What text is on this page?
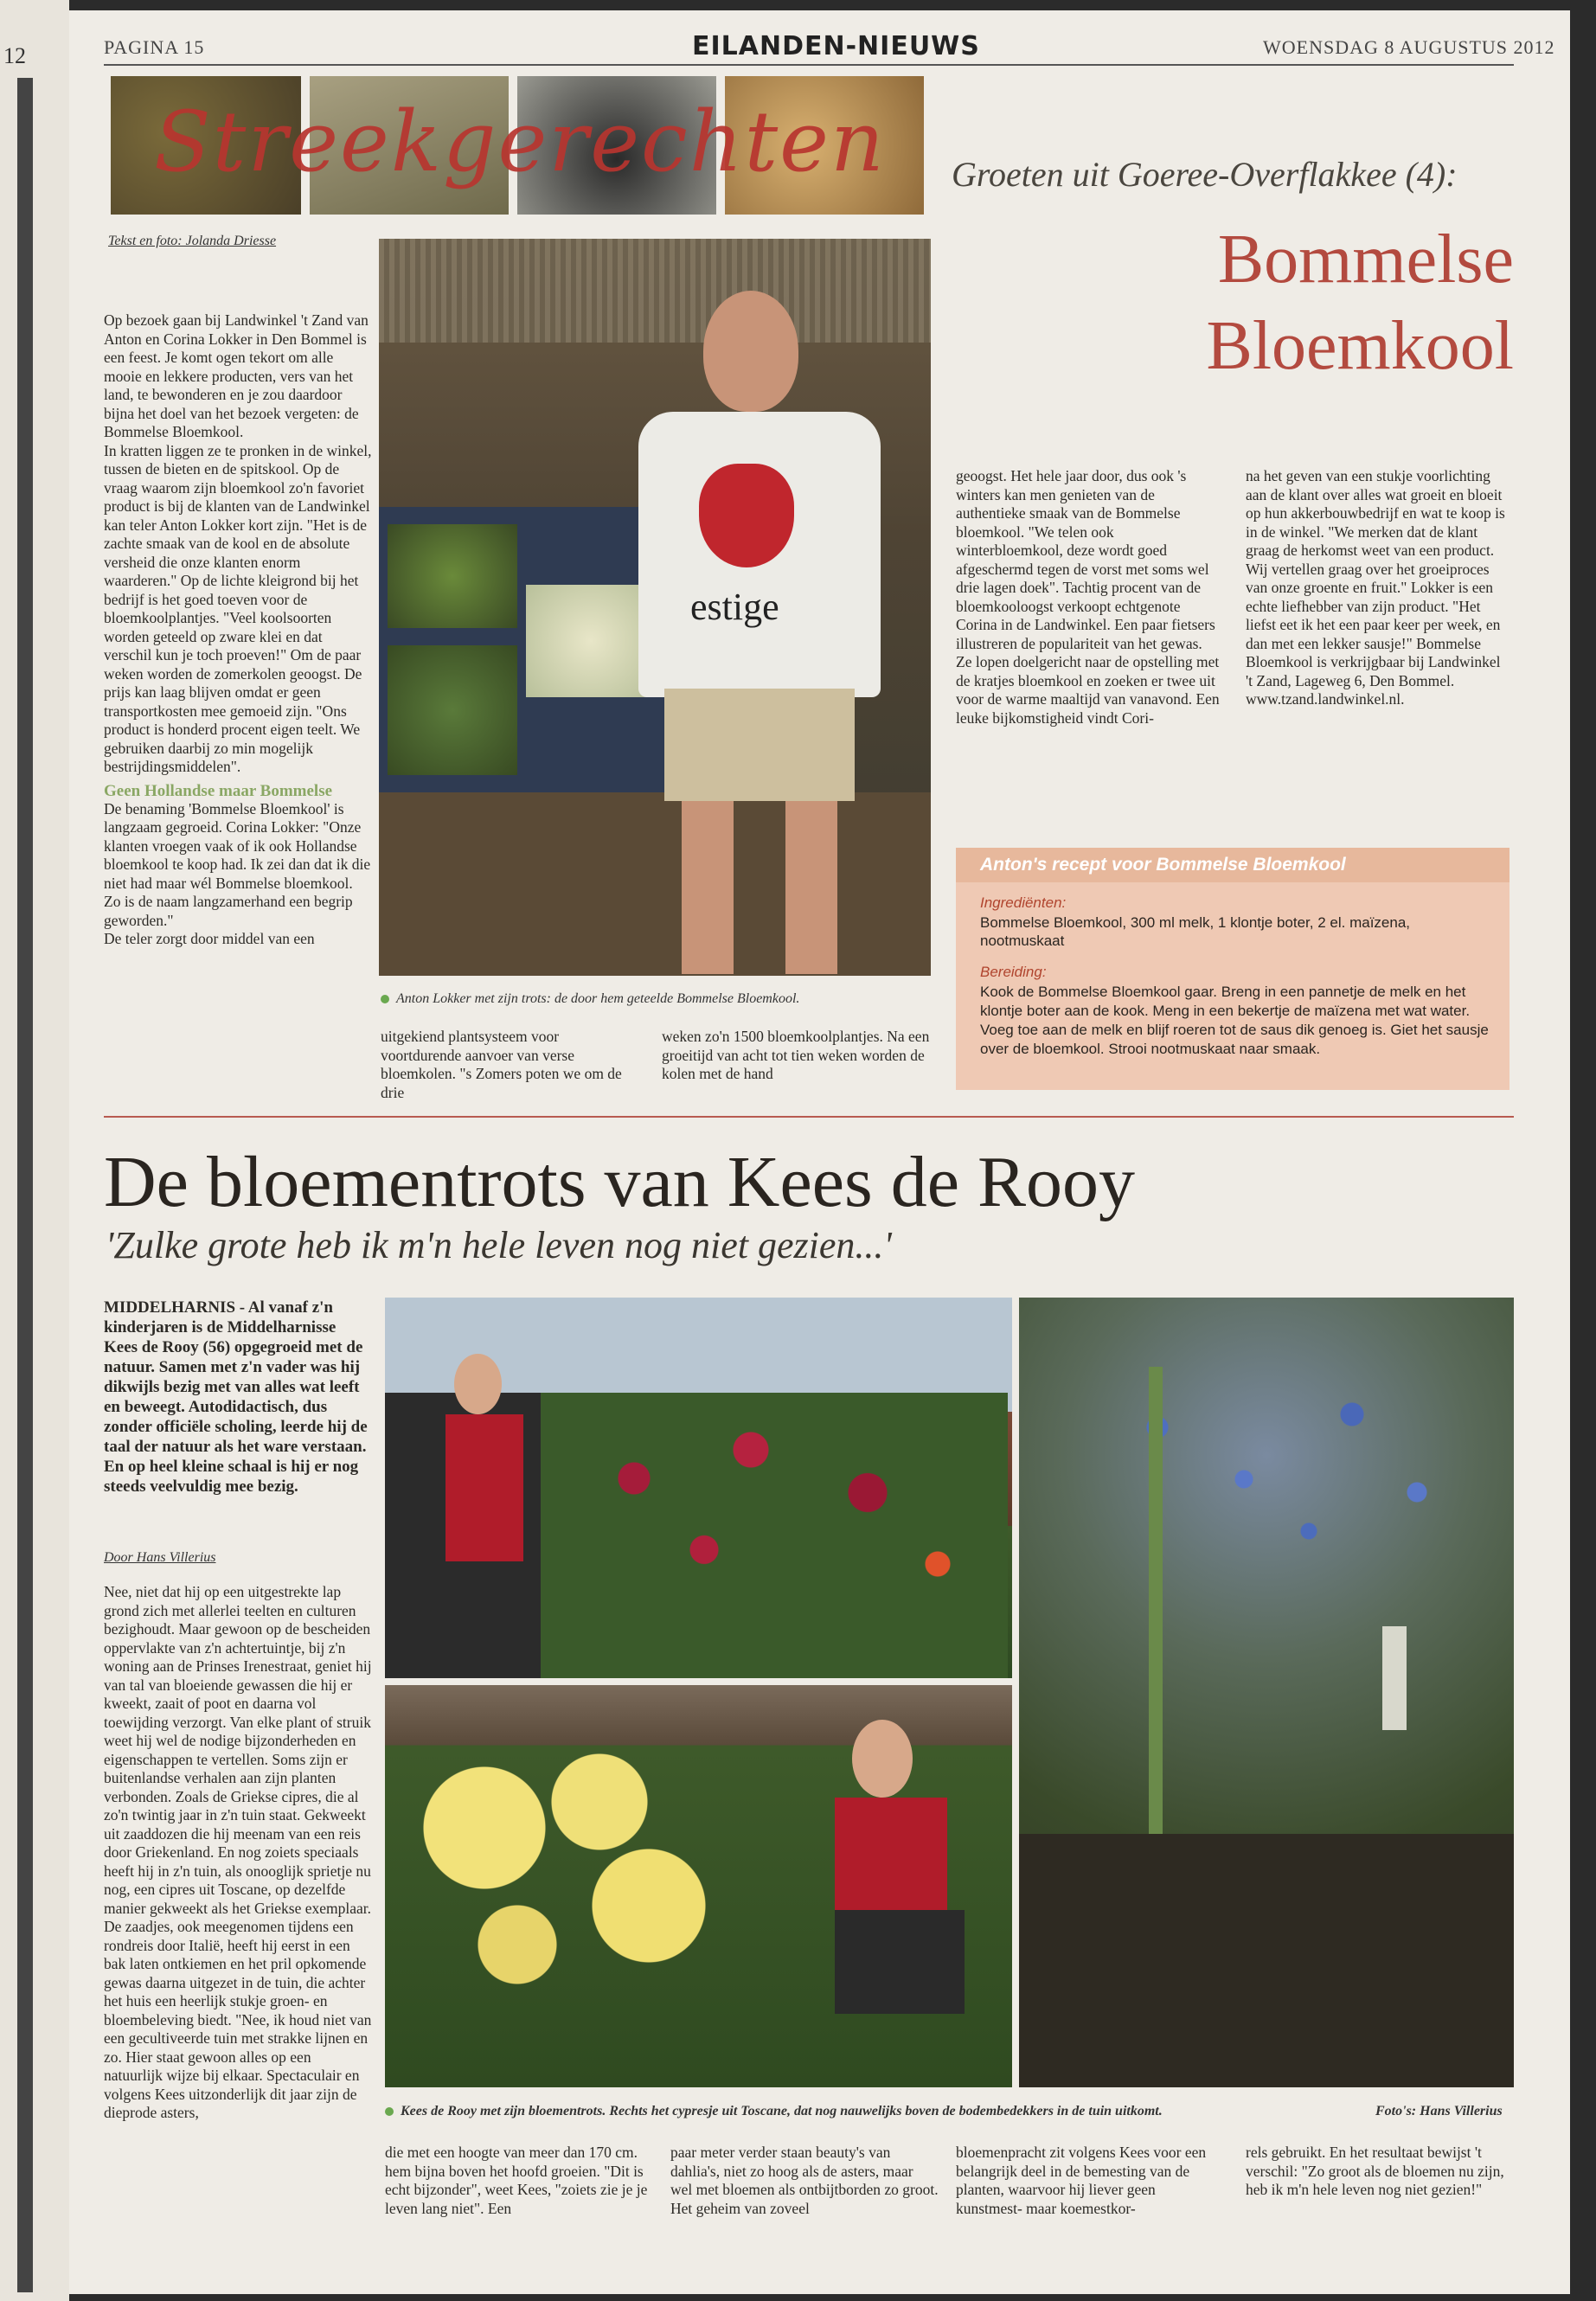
12	PAGINA 15	EILANDEN-NIEUWS	WOENSDAG 8 AUGUSTUS 2012
Streekgerechten Groeten uit Goeree-Overflakkee (4):
Bommelse Bloemkool
Tekst en foto: Jolanda Driesse

Op bezoek gaan bij Landwinkel 't Zand van Anton en Corina Lokker in Den Bommel is een feest. Je komt ogen tekort om alle mooie en lekkere producten, vers van het land, te bewonderen en je zou daardoor bijna het doel van het bezoek vergeten: de Bommelse Bloemkool.

In kratten liggen ze te pronken in de winkel, tussen de bieten en de spitskool. Op de vraag waarom zijn bloemkool zo'n favoriet product is bij de klanten van de Landwinkel kan teler Anton Lokker kort zijn. "Het is de zachte smaak van de kool en de absolute versheid die onze klanten enorm waarderen." Op de lichte kleigrond bij het bedrijf is het goed toeven voor de bloemkoolplantjes. "Veel koolsoorten worden geteeld op zware klei en dat verschil kun je toch proeven!" Om de paar weken worden de zomerkolen geoogst. De prijs kan laag blijven omdat er geen transportkosten mee gemoeid zijn. "Ons product is honderd procent eigen teelt. We gebruiken daarbij zo min mogelijk bestrijdingsmiddelen".

Geen Hollandse maar Bommelse

De benaming 'Bommelse Bloemkool' is langzaam gegroeid. Corina Lokker: "Onze klanten vroegen vaak of ik ook Hollandse bloemkool te koop had. Ik zei dan dat ik die niet had maar wél Bommelse bloemkool. Zo is de naam langzamerhand een begrip geworden."

De teler zorgt door middel van een

estige
Anton Lokker met zijn trots: de door hem geteelde Bommelse Bloemkool.
uitgekiend plantsysteem voor voortdurende aanvoer van verse bloemkolen. "s Zomers poten we om de drie
weken zo'n 1500 bloemkoolplantjes. Na een groeitijd van acht tot tien weken worden de kolen met de hand
geoogst. Het hele jaar door, dus ook 's winters kan men genieten van de authentieke smaak van de Bommelse bloemkool. "We telen ook winterbloemkool, deze wordt goed afgeschermd tegen de vorst met soms wel drie lagen doek". Tachtig procent van de bloemkooloogst verkoopt echtgenote Corina in de Landwinkel. Een paar fietsers illustreren de populariteit van het gewas. Ze lopen doelgericht naar de opstelling met de kratjes bloemkool en zoeken er twee uit voor de warme maaltijd van vanavond. Een leuke bijkomstigheid vindt Cori-
na het geven van een stukje voorlichting aan de klant over alles wat groeit en bloeit op hun akkerbouwbedrijf en wat te koop is in de winkel. "We merken dat de klant graag de herkomst weet van een product. Wij vertellen graag over het groeiproces van onze groente en fruit." Lokker is een echte liefhebber van zijn product. "Het liefst eet ik het een paar keer per week, en dan met een lekker sausje!" Bommelse Bloemkool is verkrijgbaar bij Landwinkel 't Zand, Lageweg 6, Den Bommel. www.tzand.landwinkel.nl.
Anton's recept voor Bommelse Bloemkool
Ingrediënten:
Bommelse Bloemkool, 300 ml melk, 1 klontje boter, 2 el. maïzena, nootmuskaat
Bereiding:
Kook de Bommelse Bloemkool gaar. Breng in een pannetje de melk en het klontje boter aan de kook. Meng in een bekertje de maïzena met wat water. Voeg toe aan de melk en blijf roeren tot de saus dik genoeg is. Giet het sausje over de bloemkool. Strooi nootmuskaat naar smaak.
De bloementrots van Kees de Rooy
'Zulke grote heb ik m'n hele leven nog niet gezien...'
MIDDELHARNIS - Al vanaf z'n kinderjaren is de Middelharnisse Kees de Rooy (56) opgegroeid met de natuur. Samen met z'n vader was hij dikwijls bezig met van alles wat leeft en beweegt. Autodidactisch, dus zonder officiële scholing, leerde hij de taal der natuur als het ware verstaan. En op heel kleine schaal is hij er nog steeds veelvuldig mee bezig.
Door Hans Villerius
Nee, niet dat hij op een uitgestrekte lap grond zich met allerlei teelten en culturen bezighoudt. Maar gewoon op de bescheiden oppervlakte van z'n achtertuintje, bij z'n woning aan de Prinses Irenestraat, geniet hij van tal van bloeiende gewassen die hij er kweekt, zaait of poot en daarna vol toewijding verzorgt. Van elke plant of struik weet hij wel de nodige bijzonderheden en eigenschappen te vertellen. Soms zijn er buitenlandse verhalen aan zijn planten verbonden. Zoals de Griekse cipres, die al zo'n twintig jaar in z'n tuin staat. Gekweekt uit zaaddozen die hij meenam van een reis door Griekenland. En nog zoiets speciaals heeft hij in z'n tuin, als onooglijk sprietje nu nog, een cipres uit Toscane, op dezelfde manier gekweekt als het Griekse exemplaar. De zaadjes, ook meegenomen tijdens een rondreis door Italië, heeft hij eerst in een bak laten ontkiemen en het pril opkomende gewas daarna uitgezet in de tuin, die achter het huis een heerlijk stukje groen- en bloembeleving biedt. "Nee, ik houd niet van een gecultiveerde tuin met strakke lijnen en zo. Hier staat gewoon alles op een natuurlijk wijze bij elkaar. Spectaculair en volgens Kees uitzonderlijk dit jaar zijn de dieprode asters,	Kees de Rooy met zijn bloementrots. Rechts het cypresje uit Toscane, dat nog nauwelijks boven de bodembedekkers in de tuin uitkomt.	Foto's: Hans Villerius
die met een hoogte van meer dan 170 cm. hem bijna boven het hoofd groeien. "Dit is echt bijzonder", weet Kees, "zoiets zie je je leven lang niet". Een
paar meter verder staan beauty's van dahlia's, niet zo hoog als de asters, maar wel met bloemen als ontbijtborden zo groot. Het geheim van zoveel
bloemenpracht zit volgens Kees voor een belangrijk deel in de bemesting van de planten, waarvoor hij liever geen kunstmest- maar koemestkor-
rels gebruikt. En het resultaat bewijst 't verschil: "Zo groot als de bloemen nu zijn, heb ik m'n hele leven nog niet gezien!"
